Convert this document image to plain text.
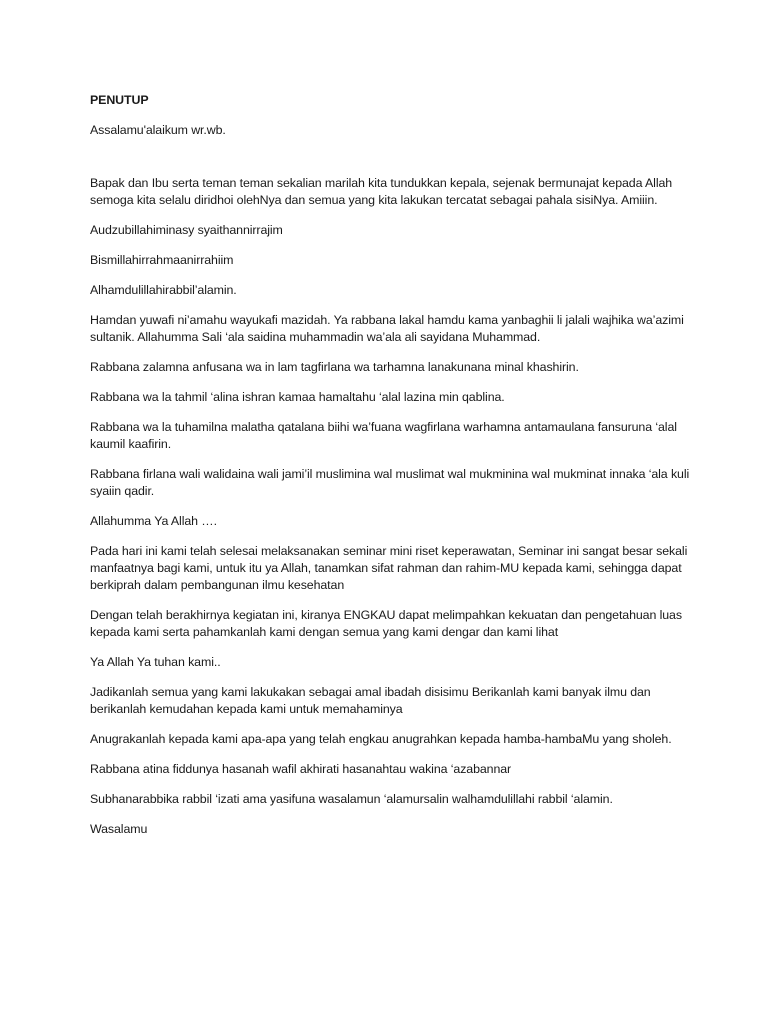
PENUTUP
Assalamu'alaikum wr.wb.
Bapak dan Ibu serta teman teman sekalian marilah kita tundukkan kepala, sejenak bermunajat kepada Allah semoga kita selalu diridhoi olehNya dan semua yang kita lakukan tercatat sebagai pahala sisiNya. Amiiin.
Audzubillahiminasy syaithannirrajim
Bismillahirrahmaanirrahiim
Alhamdulillahirabbil’alamin.
Hamdan yuwafi ni’amahu wayukafi mazidah. Ya rabbana lakal hamdu kama yanbaghii li jalali wajhika wa’azimi sultanik. Allahumma Sali ‘ala saidina muhammadin wa’ala ali sayidana Muhammad.
Rabbana zalamna anfusana wa in lam tagfirlana wa tarhamna lanakunana minal khashirin.
Rabbana wa la tahmil ‘alina ishran kamaa hamaltahu ‘alal lazina min qablina.
Rabbana wa la tuhamilna malatha qatalana biihi wa’fuana wagfirlana warhamna antamaulana fansuruna ‘alal kaumil kaafirin.
Rabbana firlana wali walidaina wali jami’il muslimina wal muslimat wal mukminina wal mukminat innaka ‘ala kuli syaiin qadir.
Allahumma Ya Allah ….
Pada hari ini kami telah selesai melaksanakan seminar mini riset keperawatan, Seminar ini sangat besar sekali manfaatnya bagi kami, untuk itu ya Allah, tanamkan sifat rahman dan rahim-MU kepada kami, sehingga dapat berkiprah dalam pembangunan ilmu kesehatan
Dengan telah berakhirnya kegiatan ini, kiranya ENGKAU dapat melimpahkan kekuatan dan pengetahuan luas kepada kami serta pahamkanlah kami dengan semua yang kami dengar dan kami lihat
Ya Allah Ya tuhan kami..
Jadikanlah semua yang kami lakukakan sebagai amal ibadah disisimu Berikanlah kami banyak ilmu dan berikanlah kemudahan kepada kami untuk memahaminya
Anugrakanlah kepada kami apa-apa yang telah engkau anugrahkan kepada hamba-hambaMu yang sholeh.
Rabbana atina fiddunya hasanah wafil akhirati hasanahtau wakina ‘azabannar
Subhanarabbika rabbil ‘izati ama yasifuna wasalamun ‘alamursalin walhamdulillahi rabbil ‘alamin.
Wasalamu
